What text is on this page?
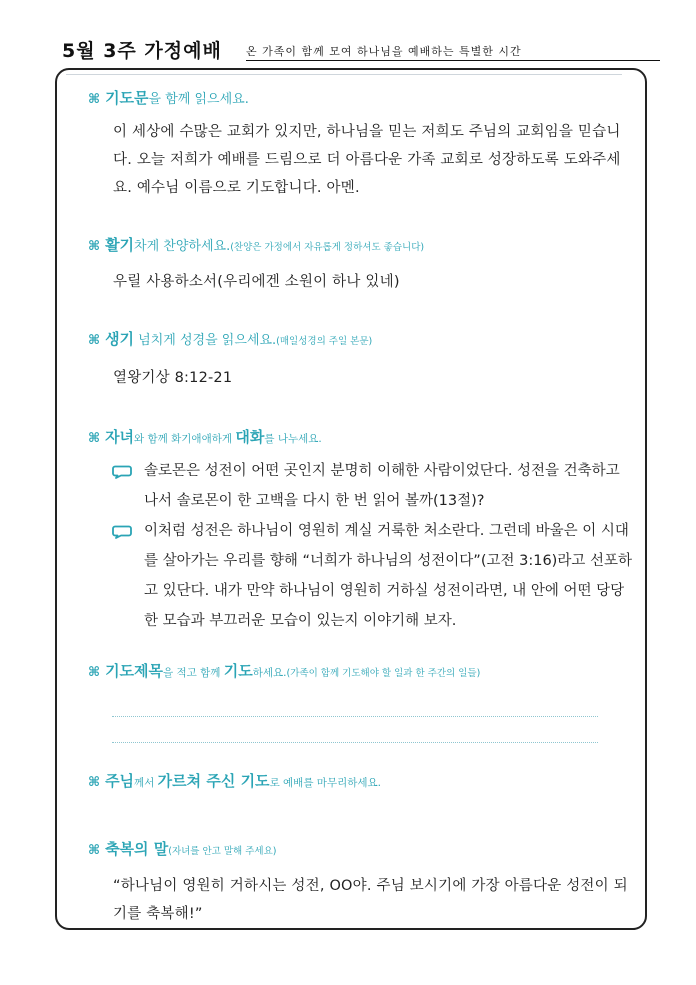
5월 3주 가정예배 온 가족이 함께 모여 하나님을 예배하는 특별한 시간
⌘ 기도문을 함께 읽으세요.
이 세상에 수많은 교회가 있지만, 하나님을 믿는 저희도 주님의 교회임을 믿습니다. 오늘 저희가 예배를 드림으로 더 아름다운 가족 교회로 성장하도록 도와주세요. 예수님 이름으로 기도합니다. 아멘.
⌘ 활기차게 찬양하세요.(찬양은 가정에서 자유롭게 정하셔도 좋습니다)
우릴 사용하소서(우리에겐 소원이 하나 있네)
⌘ 생기 넘치게 성경을 읽으세요.(매일성경의 주일 본문)
열왕기상 8:12-21
⌘ 자녀와 함께 화기애애하게 대화를 나누세요.
솔로몬은 성전이 어떤 곳인지 분명히 이해한 사람이었단다. 성전을 건축하고 나서 솔로몬이 한 고백을 다시 한 번 읽어 볼까(13절)?
이처럼 성전은 하나님이 영원히 계실 거룩한 처소란다. 그런데 바울은 이 시대를 살아가는 우리를 향해 “너희가 하나님의 성전이다”(고전 3:16)라고 선포하고 있단다. 내가 만약 하나님이 영원히 거하실 성전이라면, 내 안에 어떤 당당한 모습과 부끄러운 모습이 있는지 이야기해 보자.
⌘ 기도제목을 적고 함께 기도하세요.(가족이 함께 기도해야 할 일과 한 주간의 일들)
⌘ 주님께서 가르쳐 주신 기도로 예배를 마무리하세요.
⌘ 축복의 말(자녀를 안고 말해 주세요)
“하나님이 영원히 거하시는 성전, OO야. 주님 보시기에 가장 아름다운 성전이 되기를 축복해!”
